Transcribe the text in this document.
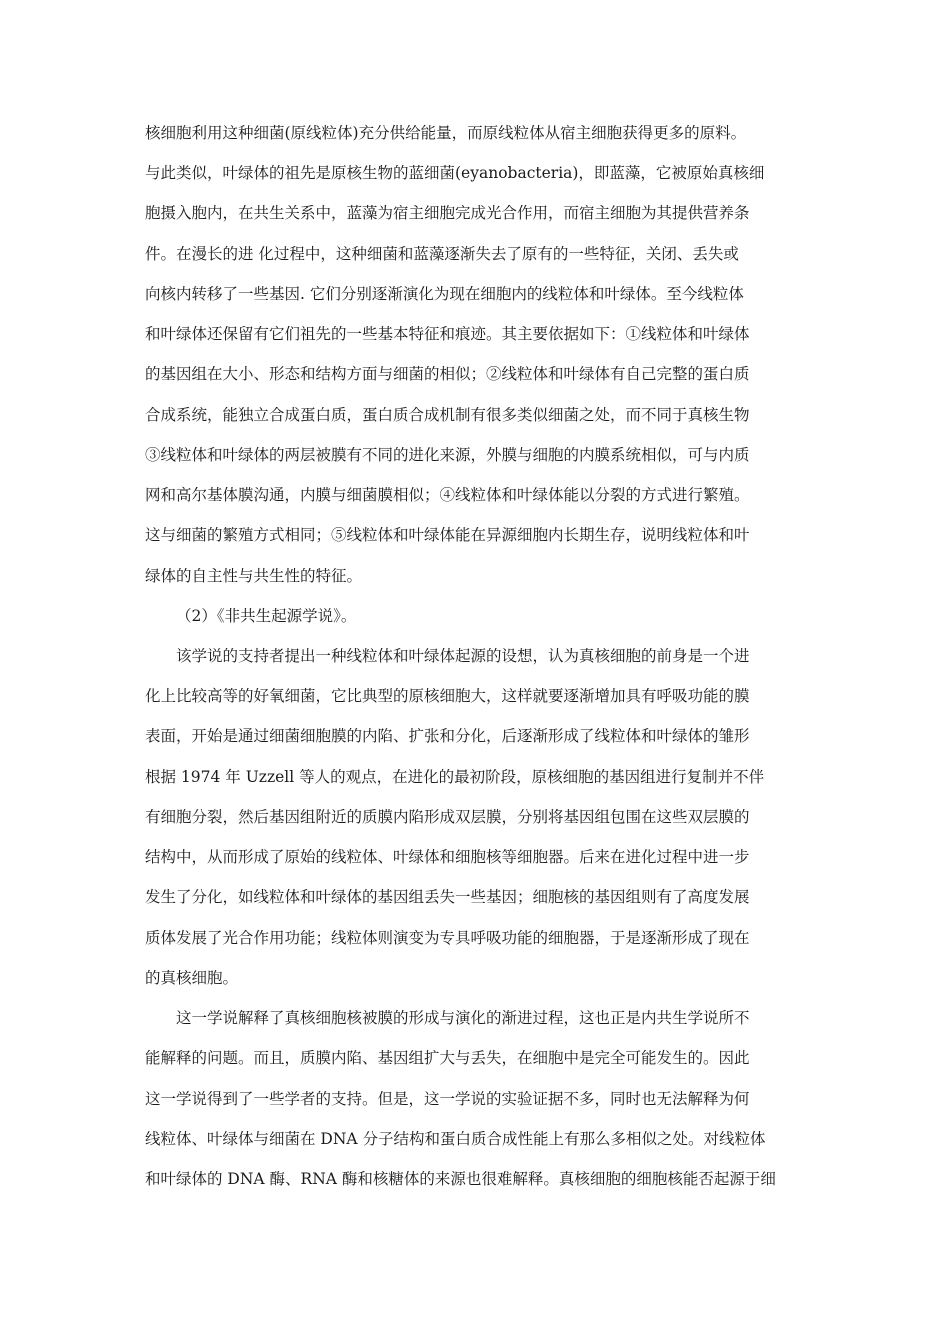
核细胞利用这种细菌(原线粒体)充分供给能量，而原线粒体从宿主细胞获得更多的原料。
与此类似，叶绿体的祖先是原核生物的蓝细菌(eyanobacteria)，即蓝藻，它被原始真核细
胞摄入胞内，在共生关系中，蓝藻为宿主细胞完成光合作用，而宿主细胞为其提供营养条
件。在漫长的进 化过程中，这种细菌和蓝藻逐渐失去了原有的一些特征，关闭、丢失或
向核内转移了一些基因. 它们分别逐渐演化为现在细胞内的线粒体和叶绿体。至今线粒体
和叶绿体还保留有它们祖先的一些基本特征和痕迹。其主要依据如下：①线粒体和叶绿体
的基因组在大小、形态和结构方面与细菌的相似；②线粒体和叶绿体有自己完整的蛋白质
合成系统，能独立合成蛋白质，蛋白质合成机制有很多类似细菌之处，而不同于真核生物
③线粒体和叶绿体的两层被膜有不同的进化来源，外膜与细胞的内膜系统相似，可与内质
网和高尔基体膜沟通，内膜与细菌膜相似；④线粒体和叶绿体能以分裂的方式进行繁殖。
这与细菌的繁殖方式相同；⑤线粒体和叶绿体能在异源细胞内长期生存，说明线粒体和叶
绿体的自主性与共生性的特征。
（2）《非共生起源学说》。
该学说的支持者提出一种线粒体和叶绿体起源的设想，认为真核细胞的前身是一个进
化上比较高等的好氧细菌，它比典型的原核细胞大，这样就要逐渐增加具有呼吸功能的膜
表面，开始是通过细菌细胞膜的内陷、扩张和分化，后逐渐形成了线粒体和叶绿体的雏形
根据 1974 年 Uzzell 等人的观点，在进化的最初阶段，原核细胞的基因组进行复制并不伴
有细胞分裂，然后基因组附近的质膜内陷形成双层膜，分别将基因组包围在这些双层膜的
结构中，从而形成了原始的线粒体、叶绿体和细胞核等细胞器。后来在进化过程中进一步
发生了分化，如线粒体和叶绿体的基因组丢失一些基因；细胞核的基因组则有了高度发展
质体发展了光合作用功能；线粒体则演变为专具呼吸功能的细胞器，于是逐渐形成了现在
的真核细胞。
这一学说解释了真核细胞核被膜的形成与演化的渐进过程，这也正是内共生学说所不
能解释的问题。而且，质膜内陷、基因组扩大与丢失，在细胞中是完全可能发生的。因此
这一学说得到了一些学者的支持。但是，这一学说的实验证据不多，同时也无法解释为何
线粒体、叶绿体与细菌在 DNA 分子结构和蛋白质合成性能上有那么多相似之处。对线粒体
和叶绿体的 DNA 酶、RNA 酶和核糖体的来源也很难解释。真核细胞的细胞核能否起源于细
